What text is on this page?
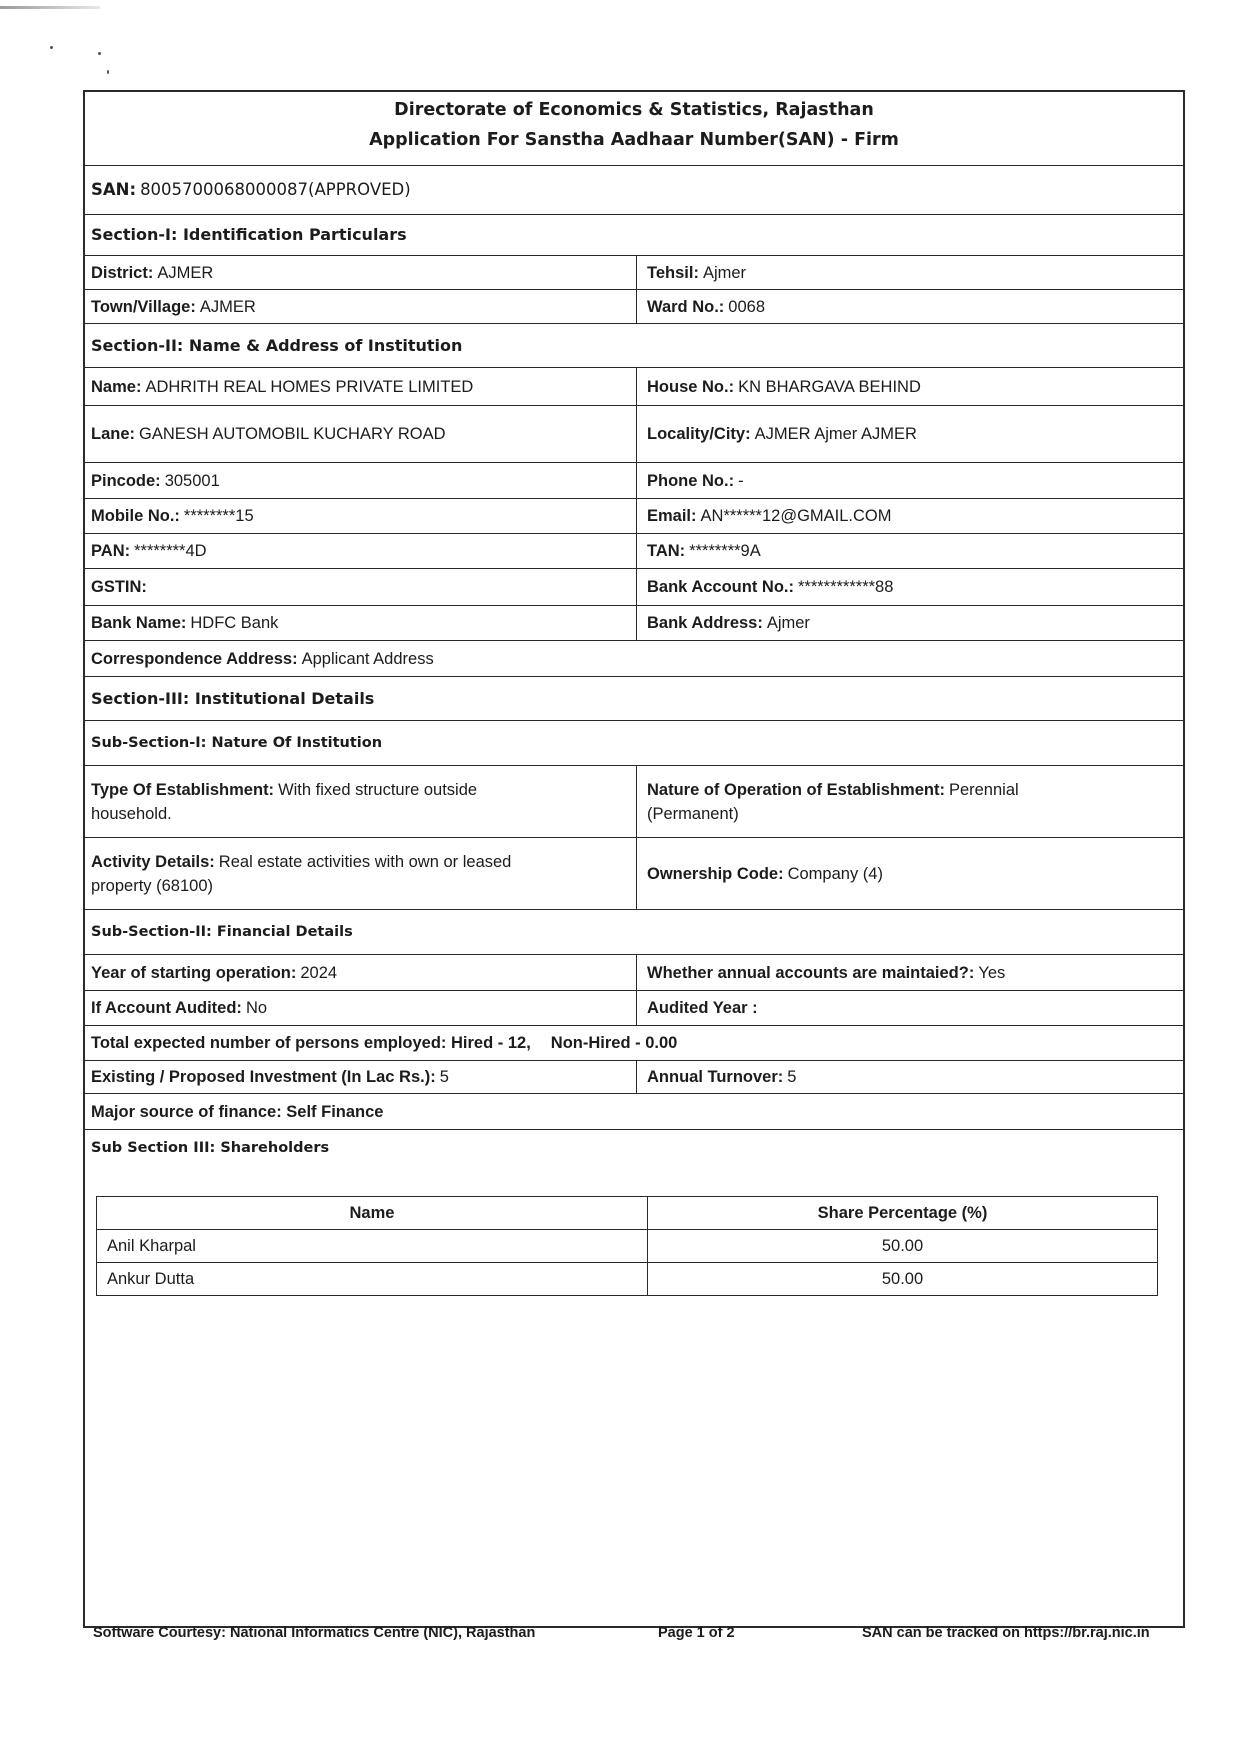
Directorate of Economics & Statistics, Rajasthan
Application For Sanstha Aadhaar Number(SAN) - Firm
SAN: 8005700068000087(APPROVED)
Section-I: Identification Particulars
District: AJMER	Tehsil: Ajmer
Town/Village: AJMER	Ward No.: 0068
Section-II: Name & Address of Institution
Name: ADHRITH REAL HOMES PRIVATE LIMITED	House No.: KN BHARGAVA BEHIND
Lane: GANESH AUTOMOBIL KUCHARY ROAD	Locality/City: AJMER Ajmer AJMER
Pincode: 305001	Phone No.: -
Mobile No.: ********15	Email: AN******12@GMAIL.COM
PAN: ********4D	TAN: ********9A
GSTIN:	Bank Account No.: ************88
Bank Name: HDFC Bank	Bank Address: Ajmer
Correspondence Address: Applicant Address
Section-III: Institutional Details
Sub-Section-I: Nature Of Institution
Type Of Establishment: With fixed structure outside household.
Nature of Operation of Establishment: Perennial (Permanent)
Activity Details: Real estate activities with own or leased property (68100)
Ownership Code: Company (4)
Sub-Section-II: Financial Details
Year of starting operation: 2024	Whether annual accounts are maintaied?: Yes
If Account Audited: No	Audited Year :
Total expected number of persons employed: Hired - 12, Non-Hired - 0.00
Existing / Proposed Investment (In Lac Rs.): 5	Annual Turnover: 5
Major source of finance: Self Finance
Sub Section III: Shareholders
Name	Share Percentage (%)
Anil Kharpal	50.00
Ankur Dutta	50.00
Software Courtesy: National Informatics Centre (NIC), Rajasthan	Page 1 of 2	SAN can be tracked on https://br.raj.nic.in
